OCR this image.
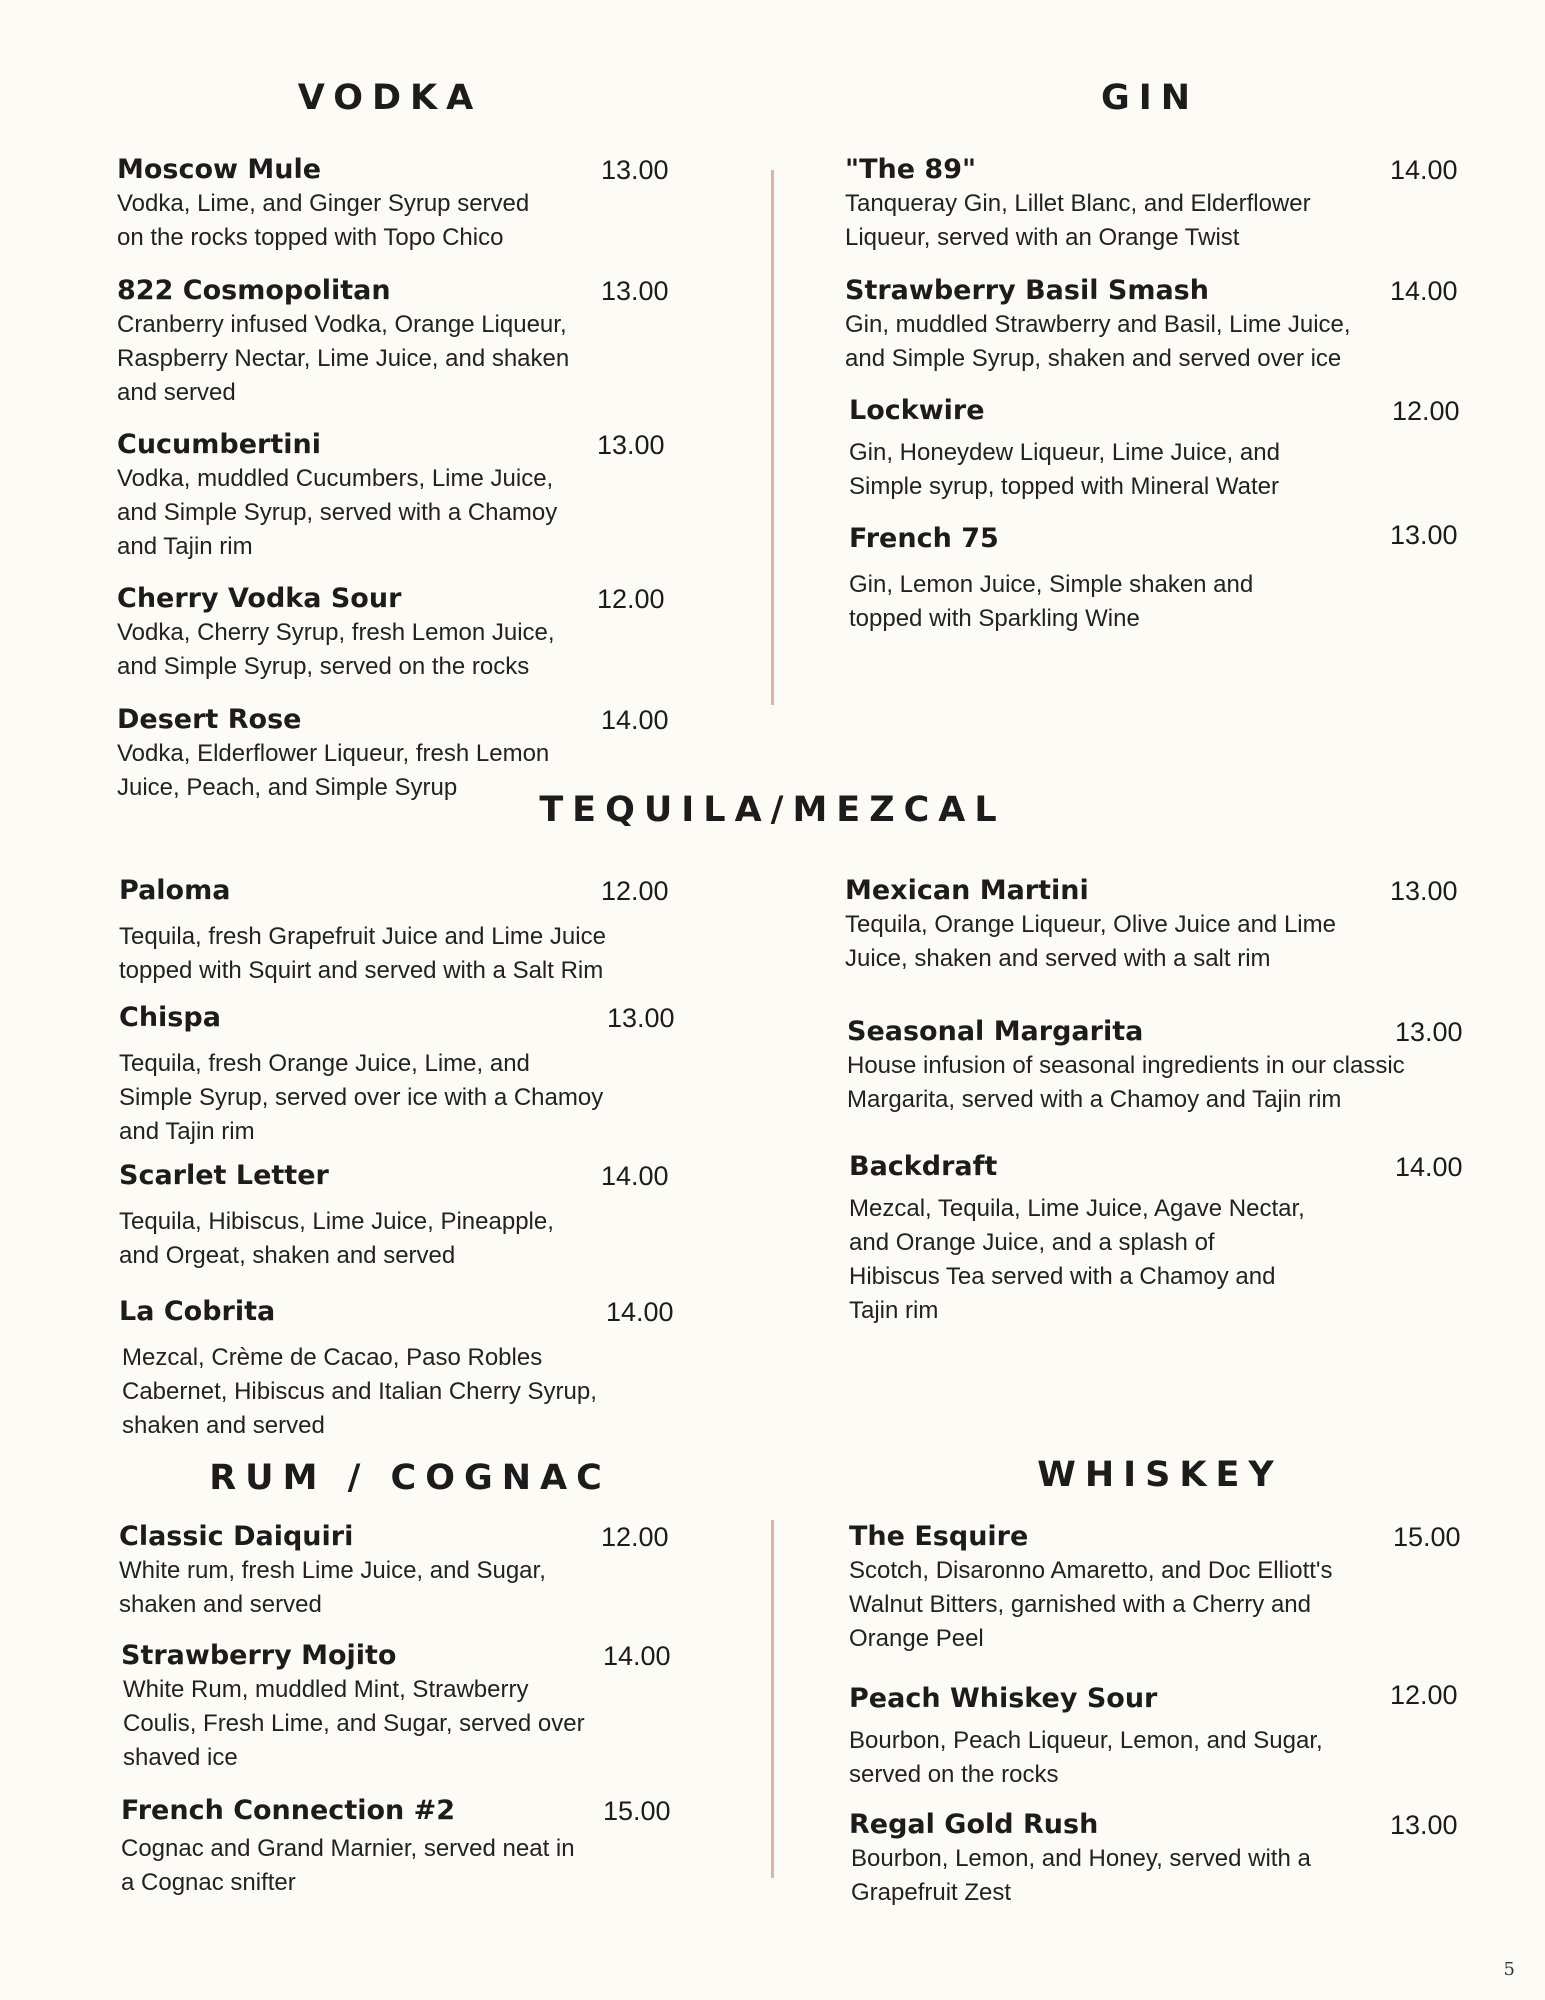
VODKA
Moscow Mule	13.00
Vodka, Lime, and Ginger Syrup served on the rocks topped with Topo Chico
822 Cosmopolitan	13.00
Cranberry infused Vodka, Orange Liqueur, Raspberry Nectar, Lime Juice, and shaken and served
Cucumbertini	13.00
Vodka, muddled Cucumbers, Lime Juice, and Simple Syrup, served with a Chamoy and Tajin rim
Cherry Vodka Sour	12.00
Vodka, Cherry Syrup, fresh Lemon Juice, and Simple Syrup, served on the rocks
Desert Rose	14.00
Vodka, Elderflower Liqueur, fresh Lemon Juice, Peach, and Simple Syrup
GIN
"The 89"	14.00
Tanqueray Gin, Lillet Blanc, and Elderflower Liqueur, served with an Orange Twist
Strawberry Basil Smash	14.00
Gin, muddled Strawberry and Basil, Lime Juice, and Simple Syrup, shaken and served over ice
Lockwire	12.00
Gin, Honeydew Liqueur, Lime Juice, and Simple syrup, topped with Mineral Water
French 75	13.00
Gin, Lemon Juice, Simple shaken and topped with Sparkling Wine
TEQUILA/MEZCAL
Paloma	12.00
Tequila, fresh Grapefruit Juice and Lime Juice topped with Squirt and served with a Salt Rim
Chispa	13.00
Tequila, fresh Orange Juice, Lime, and Simple Syrup, served over ice with a Chamoy and Tajin rim
Scarlet Letter	14.00
Tequila, Hibiscus, Lime Juice, Pineapple, and Orgeat, shaken and served
La Cobrita	14.00
Mezcal, Crème de Cacao, Paso Robles Cabernet, Hibiscus and Italian Cherry Syrup, shaken and served
Mexican Martini	13.00
Tequila, Orange Liqueur, Olive Juice and Lime Juice, shaken and served with a salt rim
Seasonal Margarita	13.00
House infusion of seasonal ingredients in our classic Margarita, served with a Chamoy and Tajin rim
Backdraft	14.00
Mezcal, Tequila, Lime Juice, Agave Nectar, and Orange Juice, and a splash of Hibiscus Tea served with a Chamoy and Tajin rim
RUM / COGNAC
Classic Daiquiri	12.00
White rum, fresh Lime Juice, and Sugar, shaken and served
Strawberry Mojito	14.00
White Rum, muddled Mint, Strawberry Coulis, Fresh Lime, and Sugar, served over shaved ice
French Connection #2	15.00
Cognac and Grand Marnier, served neat in a Cognac snifter
WHISKEY
The Esquire	15.00
Scotch, Disaronno Amaretto, and Doc Elliott's Walnut Bitters, garnished with a Cherry and Orange Peel
Peach Whiskey Sour	12.00
Bourbon, Peach Liqueur, Lemon, and Sugar, served on the rocks
Regal Gold Rush	13.00
Bourbon, Lemon, and Honey, served with a Grapefruit Zest
5
